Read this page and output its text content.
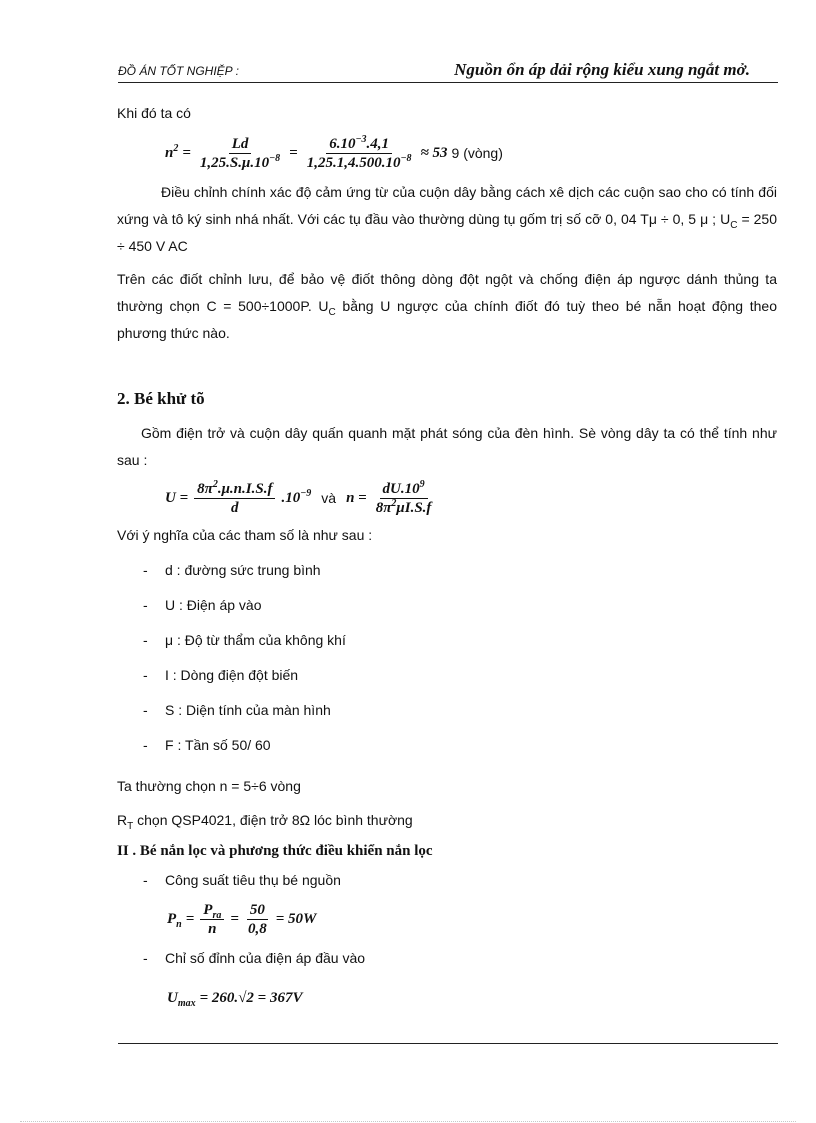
ĐỒ ÁN TỐT NGHIỆP :	Nguồn ổn áp dải rộng kiểu xung ngắt mở.

Khi đó ta có

$n^2 = \frac{Ld}{1,25.S.\mu.10^{-8}} = \frac{6.10^{-3}.4,1}{1,25.1,4.500.10^{-8}} \approx 53$ 9 (vòng)

Điều chỉnh chính xác độ cảm ứng từ của cuộn dây bằng cách xê dịch các cuộn sao cho có tính đối xứng và tô ký sinh nhá nhất. Với các tụ đầu vào thường dùng tụ gốm trị số cỡ 0, 04 Tμ ÷ 0, 5 μ ; $U_C = 250 \div 450$ V AC

Trên các điốt chỉnh lưu, để bảo vệ điốt thông dòng đột ngột và chống điện áp ngược dánh thủng ta thường chọn C = 500÷1000P. $U_C$ bằng U ngược của chính điốt đó tuỳ theo bé nẵn hoạt động theo phương thức nào.

2. Bé khử tõ

Gồm điện trở và cuộn dây quấn quanh mặt phát sóng của đèn hình. Sè vòng dây ta có thể tính như sau :

$U = \frac{8\pi^2.\mu.n.I.S.f}{d} .10^{-9}$ và $n = \frac{dU.10^9}{8\pi^2\mu I.S.f}$

Với ý nghĩa của các tham số là như sau :

- d : đường sức trung bình
- U : Điện áp vào
- μ : Độ từ thẩm của không khí
- I : Dòng điện đột biến
- S : Diện tính của màn hình
- F : Tần số 50/ 60

Ta thường chọn n = 5÷6 vòng

$R_T$ chọn QSP4021, điện trở 8Ω lóc bình thường

II . Bé nắn lọc và phương thức điều khiển nắn lọc

- Công suất tiêu thụ bé nguồn
$P_n = \frac{P_{ra}}{n} = \frac{50}{0,8} = 50W$
- Chỉ số đỉnh của điện áp đầu vào
$U_{max} = 260.√2 = 367V$
